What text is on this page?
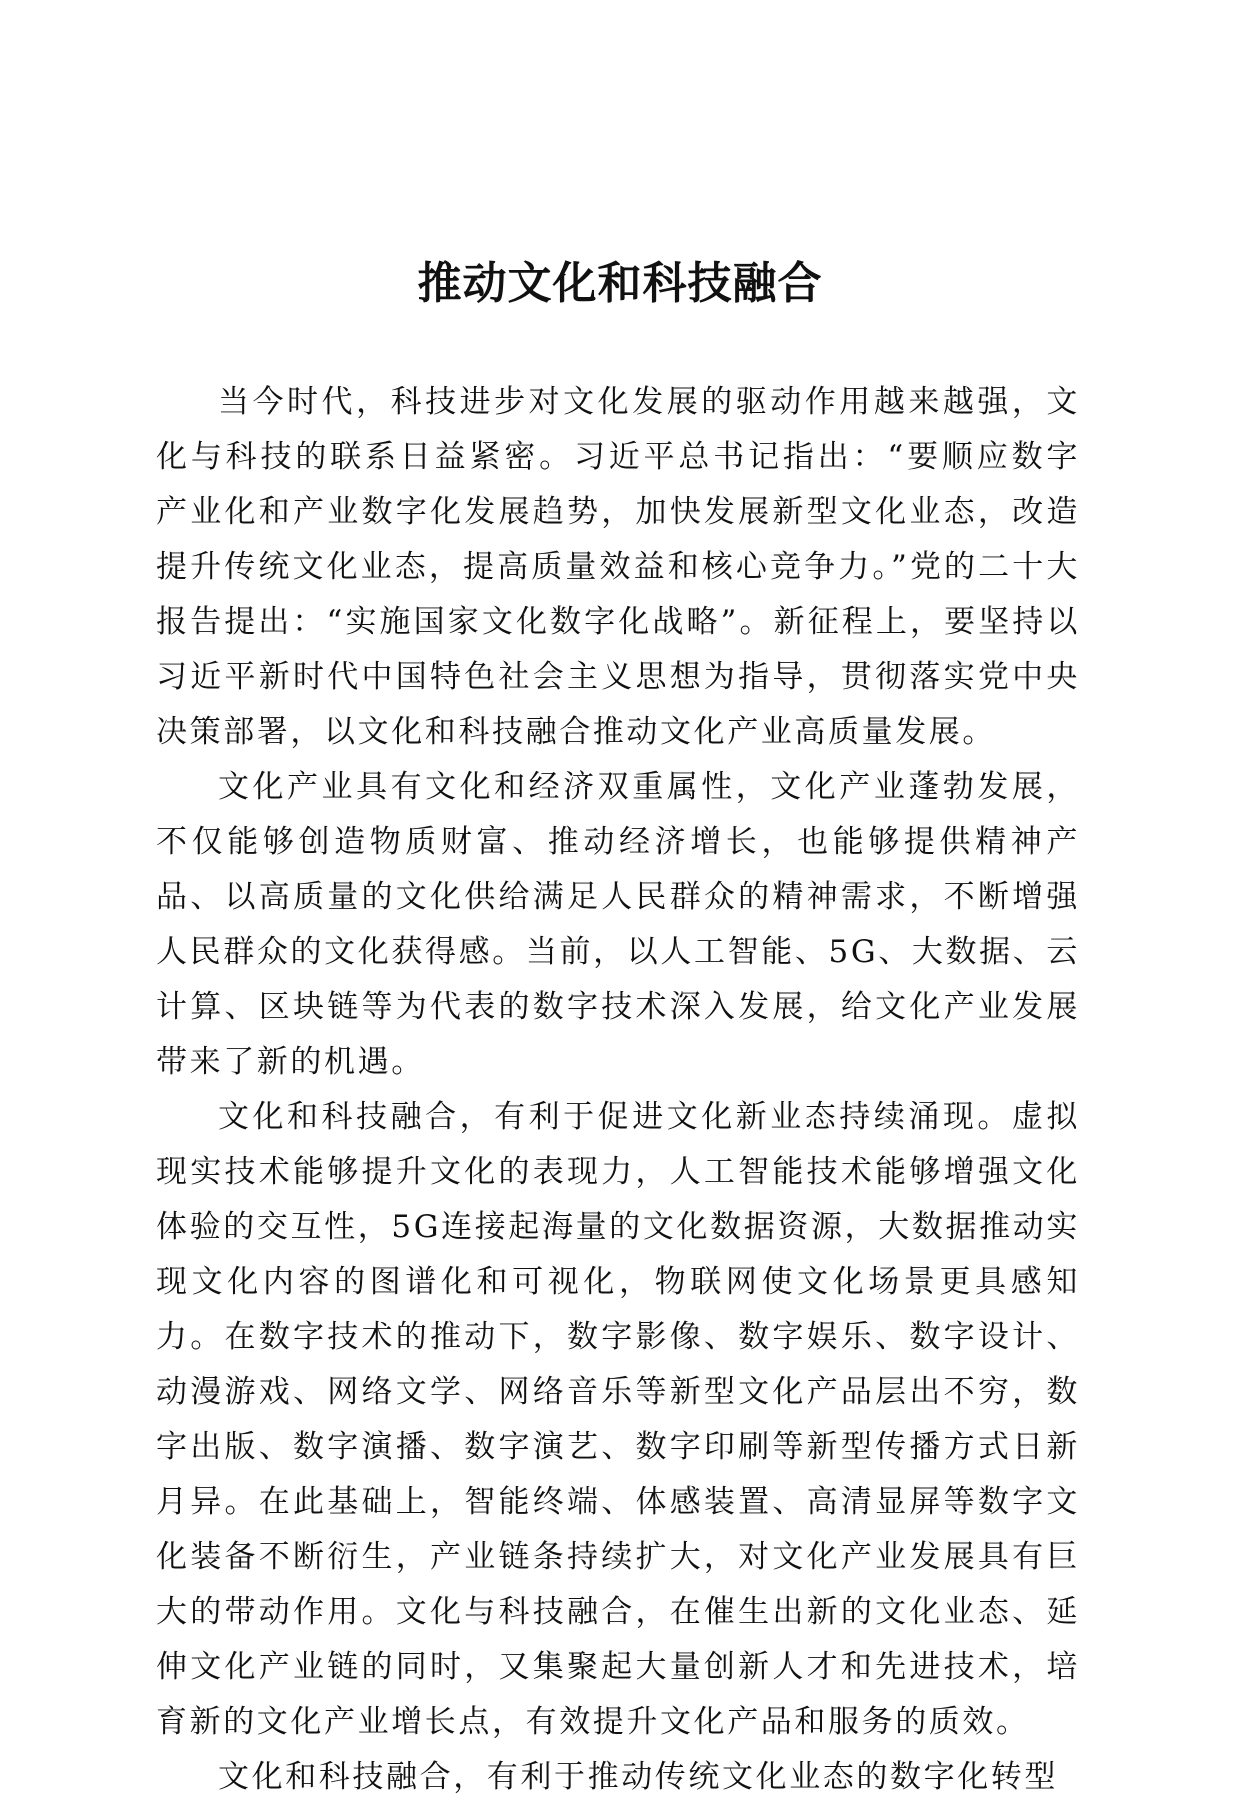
推动文化和科技融合

当今时代，科技进步对文化发展的驱动作用越来越强，文化与科技的联系日益紧密。习近平总书记指出：“要顺应数字产业化和产业数字化发展趋势，加快发展新型文化业态，改造提升传统文化业态，提高质量效益和核心竞争力。”党的二十大报告提出：“实施国家文化数字化战略”。新征程上，要坚持以习近平新时代中国特色社会主义思想为指导，贯彻落实党中央决策部署，以文化和科技融合推动文化产业高质量发展。

文化产业具有文化和经济双重属性，文化产业蓬勃发展，不仅能够创造物质财富、推动经济增长，也能够提供精神产品、以高质量的文化供给满足人民群众的精神需求，不断增强人民群众的文化获得感。当前，以人工智能、5G、大数据、云计算、区块链等为代表的数字技术深入发展，给文化产业发展带来了新的机遇。

文化和科技融合，有利于促进文化新业态持续涌现。虚拟现实技术能够提升文化的表现力，人工智能技术能够增强文化体验的交互性，5G连接起海量的文化数据资源，大数据推动实现文化内容的图谱化和可视化，物联网使文化场景更具感知力。在数字技术的推动下，数字影像、数字娱乐、数字设计、动漫游戏、网络文学、网络音乐等新型文化产品层出不穷，数字出版、数字演播、数字演艺、数字印刷等新型传播方式日新月异。在此基础上，智能终端、体感装置、高清显屏等数字文化装备不断衍生，产业链条持续扩大，对文化产业发展具有巨大的带动作用。文化与科技融合，在催生出新的文化业态、延伸文化产业链的同时，又集聚起大量创新人才和先进技术，培育新的文化产业增长点，有效提升文化产品和服务的质效。

文化和科技融合，有利于推动传统文化业态的数字化转型
